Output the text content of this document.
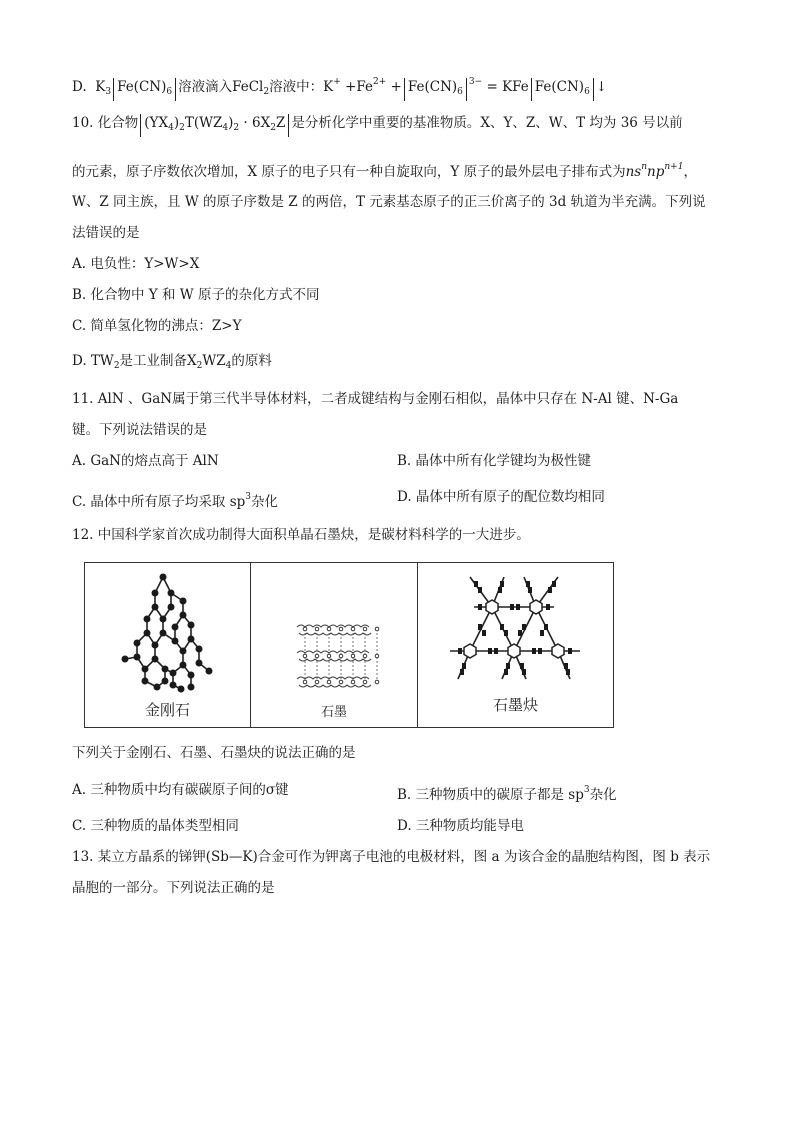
D. $K_3$ $Fe(CN)_6$ 溶液滴入FeCl$_2$溶液中：$K^+ +Fe^{2+} + Fe(CN)_6^{3-}$ = KFe $Fe(CN)_6$ ↓
10. 化合物 $(YX_4)_2T(WZ_4)_2 \cdot 6X_2Z$ 是分析化学中重要的基准物质。X、Y、Z、W、T 均为 36 号以前
的元素，原子序数依次增加，X 原子的电子只有一种自旋取向，Y 原子的最外层电子排布式为$ns^nnp^{n+1}$，
W、Z 同主族，且 W 的原子序数是 Z 的两倍，T 元素基态原子的正三价离子的 3d 轨道为半充满。下列说
法错误的是
A. 电负性：Y>W>X
B. 化合物中 Y 和 W 原子的杂化方式不同
C. 简单氢化物的沸点：Z>Y
D. $TW_2$是工业制备$X_2WZ_4$的原料
11. AlN 、GaN属于第三代半导体材料，二者成键结构与金刚石相似，晶体中只存在 N-Al 键、N-Ga
键。下列说法错误的是
A. GaN的熔点高于 AlN	B. 晶体中所有化学键均为极性键
C. 晶体中所有原子均采取 $sp^3$杂化	D. 晶体中所有原子的配位数均相同
12. 中国科学家首次成功制得大面积单晶石墨炔，是碳材料科学的一大进步。
金刚石	石墨	石墨炔
下列关于金刚石、石墨、石墨炔的说法正确的是
A. 三种物质中均有碳碳原子间的σ键	B. 三种物质中的碳原子都是 $sp^3$杂化
C. 三种物质的晶体类型相同	D. 三种物质均能导电
13. 某立方晶系的锑钾(Sb—K)合金可作为钾离子电池的电极材料，图 a 为该合金的晶胞结构图，图 b 表示
晶胞的一部分。下列说法正确的是
